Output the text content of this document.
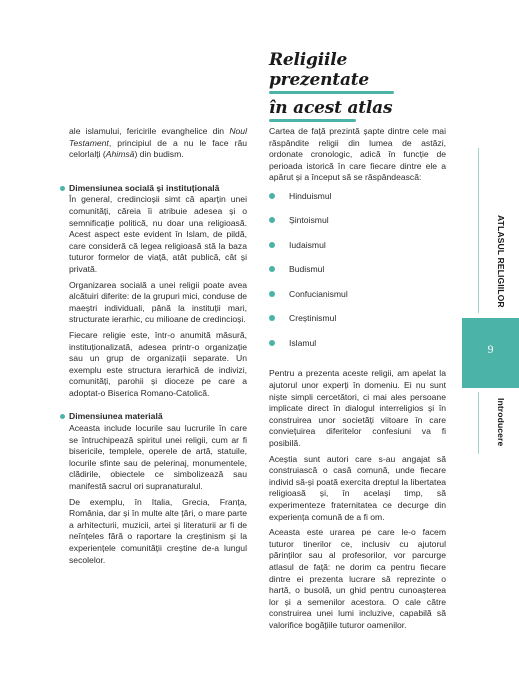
Religiile prezentate
în acest atlas

ale islamului, fericirile evanghelice din Noul Testament, principiul de a nu le face rău celorlalți (Ahimsā) din budism.

Dimensiunea socială și instituțională

În general, credincioșii simt că aparțin unei comunități, căreia îi atribuie adesea și o semnificație politică, nu doar una religioasă. Acest aspect este evident în Islam, de pildă, care consideră că legea religioasă stă la baza tuturor formelor de viață, atât publică, cât și privată.

Organizarea socială a unei religii poate avea alcătuiri diferite: de la grupuri mici, conduse de maeștri individuali, până la instituții mari, structurate ierarhic, cu milioane de credincioși.

Fiecare religie este, într-o anumită măsură, instituționalizată, adesea printr-o organizație sau un grup de organizații separate. Un exemplu este structura ierarhică de indivizi, comunități, parohii și dioceze pe care a adoptat-o Biserica Romano-Catolică.

Dimensiunea materială

Aceasta include locurile sau lucrurile în care se întruchipează spiritul unei religii, cum ar fi bisericile, templele, operele de artă, statuile, locurile sfinte sau de pelerinaj, monumentele, clădirile, obiectele ce simbolizează sau manifestă sacrul ori supranaturalul.

De exemplu, în Italia, Grecia, Franța, România, dar și în multe alte țări, o mare parte a arhitecturii, muzicii, artei și literaturii ar fi de neînțeles fără o raportare la creștinism și la experiențele comunității creștine de-a lungul secolelor.

Cartea de față prezintă șapte dintre cele mai răspândite religii din lumea de astăzi, ordonate cronologic, adică în funcție de perioada istorică în care fiecare dintre ele a apărut și a început să se răspândească:

Hinduismul
Șintoismul
Iudaismul
Budismul
Confucianismul
Creștinismul
Islamul

Pentru a prezenta aceste religii, am apelat la ajutorul unor experți în domeniu. Ei nu sunt niște simpli cercetători, ci mai ales persoane implicate direct în dialogul interreligios și în construirea unor societăți viitoare în care conviețuirea diferitelor confesiuni va fi posibilă.

Aceștia sunt autori care s-au angajat să construiască o casă comună, unde fiecare individ să-și poată exercita dreptul la libertatea religioasă și, în același timp, să experimenteze fraternitatea ce decurge din experiența comună de a fi om.

Aceasta este urarea pe care le-o facem tuturor tinerilor ce, inclusiv cu ajutorul părinților sau al profesorilor, vor parcurge atlasul de față: ne dorim ca pentru fiecare dintre ei prezenta lucrare să reprezinte o hartă, o busolă, un ghid pentru cunoașterea lor și a semenilor acestora. O cale către construirea unei lumi incluzive, capabilă să valorifice bogățiile tuturor oamenilor.

ATLASUL RELIGIILOR
9
Introducere
